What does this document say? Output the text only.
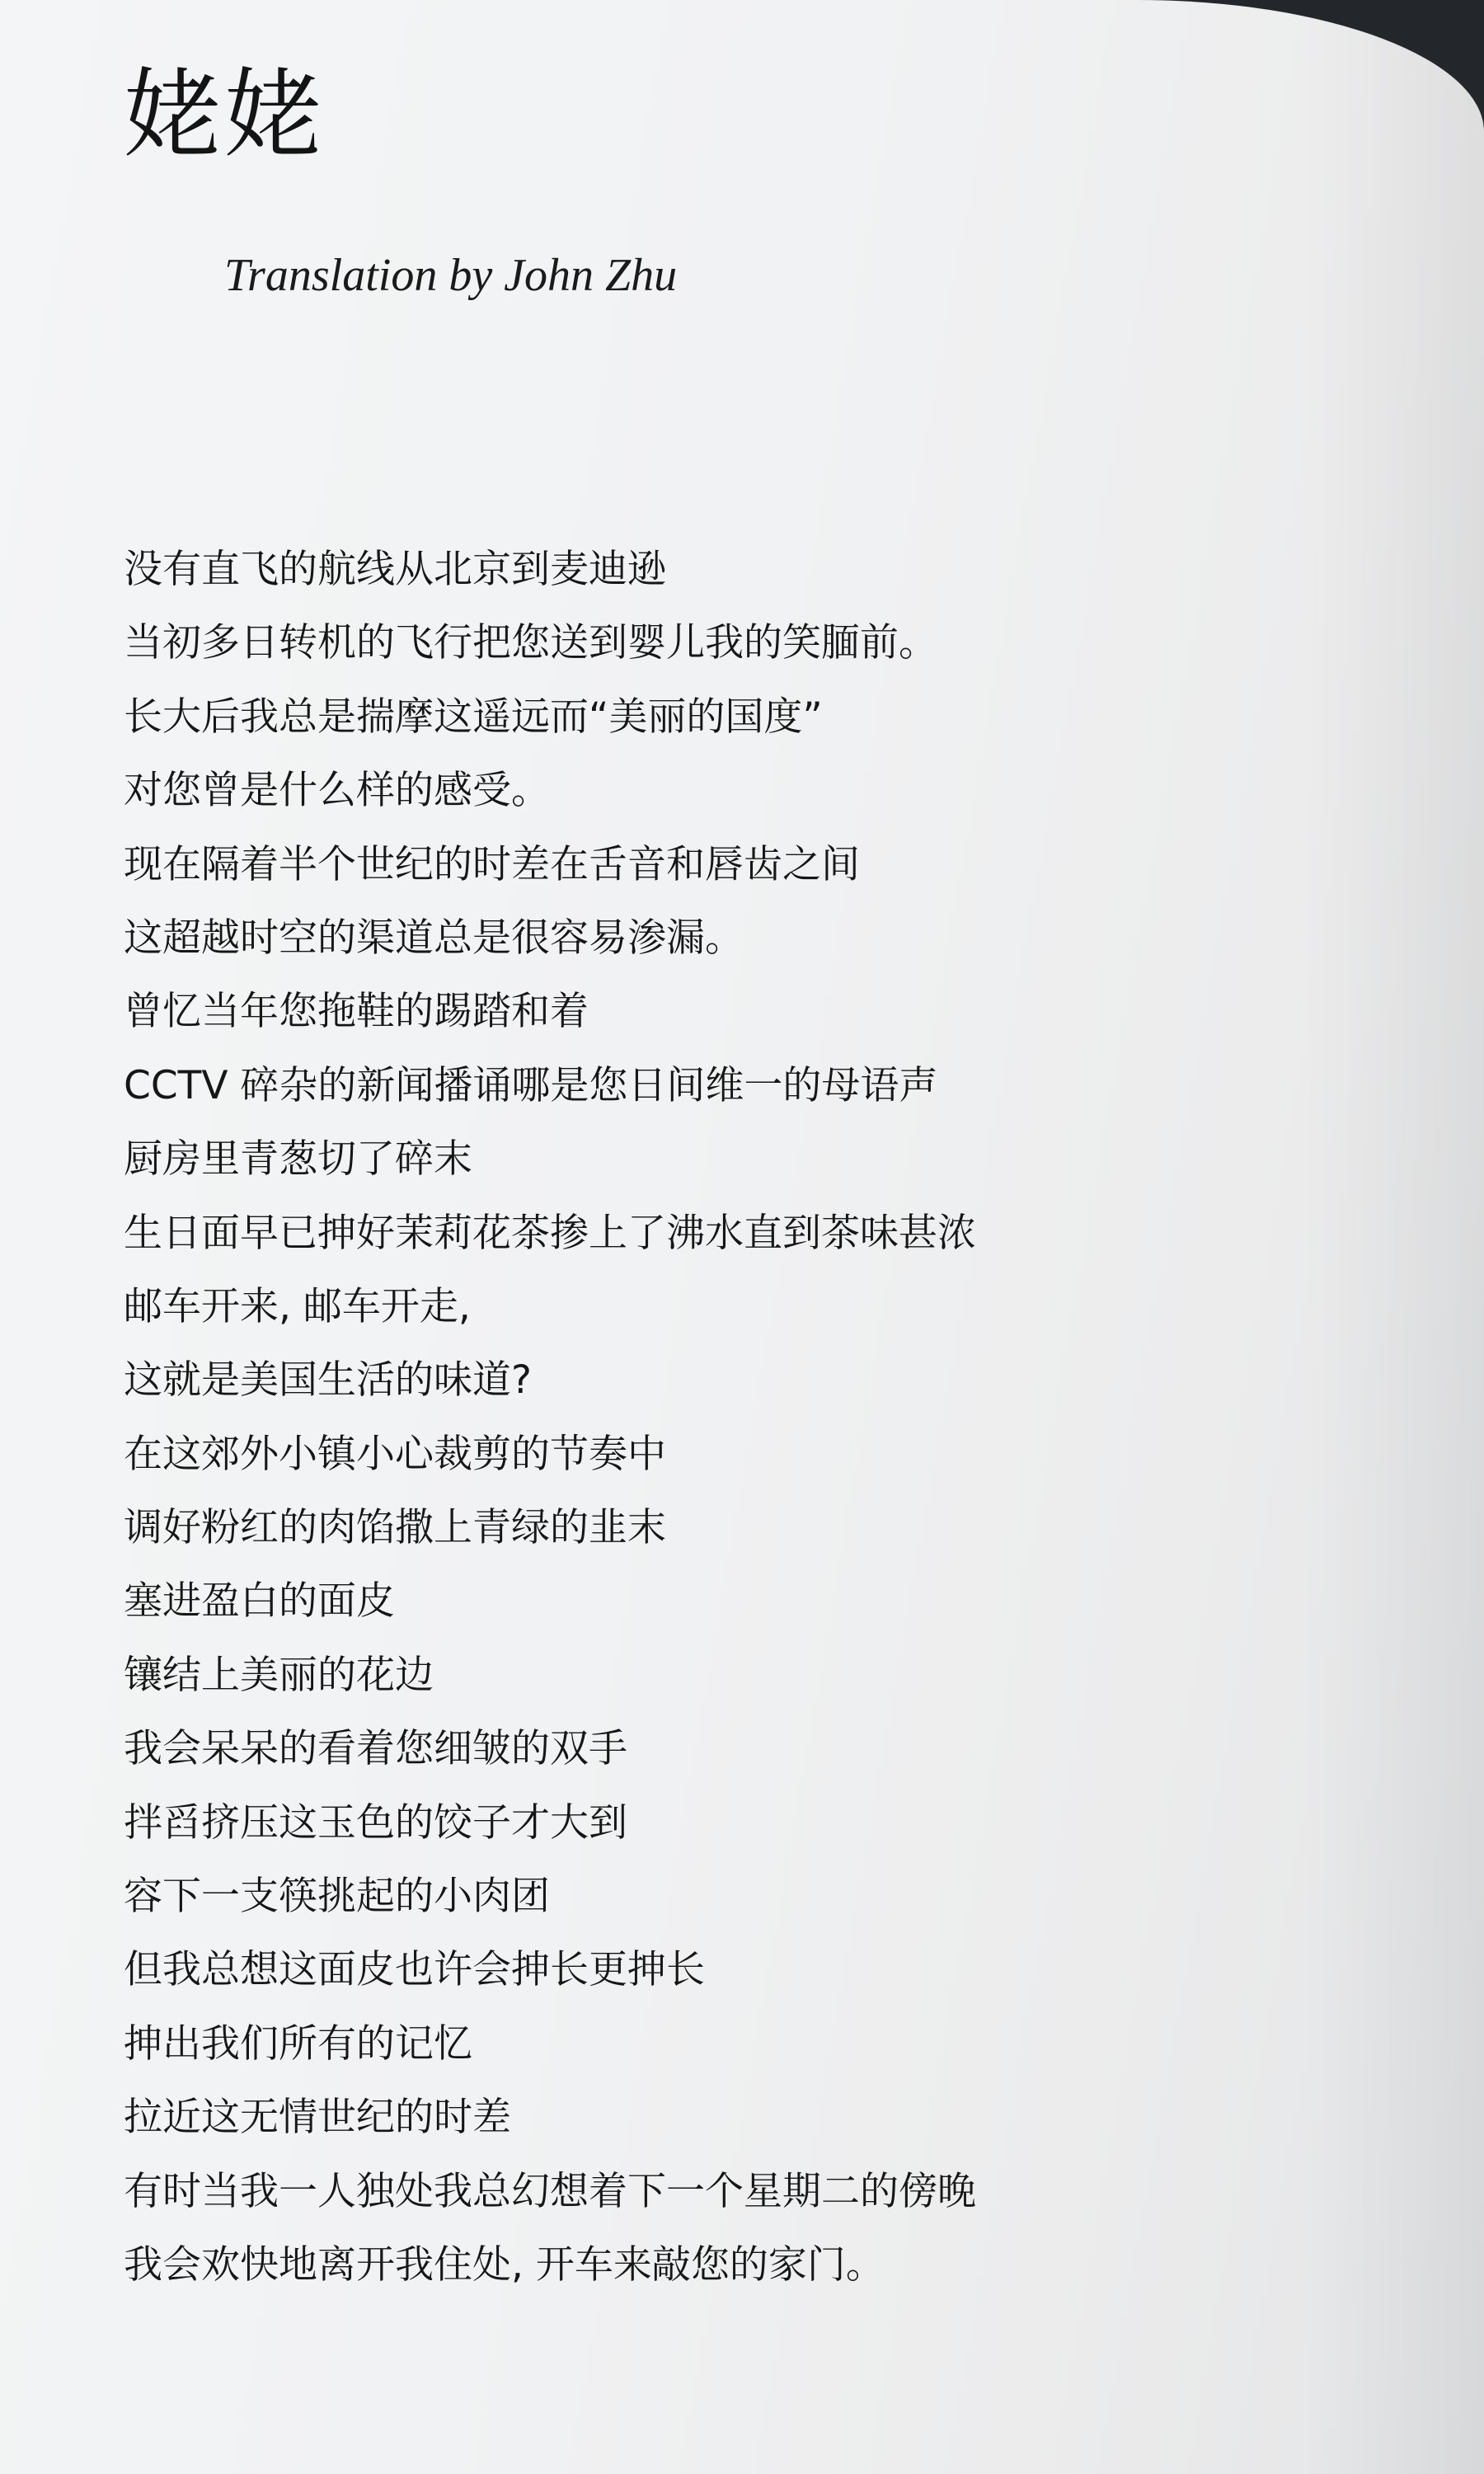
姥姥

Translation by John Zhu

没有直飞的航线从北京到麦迪逊
当初多日转机的飞行把您送到婴儿我的笑腼前。
长大后我总是揣摩这遥远而“美丽的国度”
对您曾是什么样的感受。
现在隔着半个世纪的时差在舌音和唇齿之间
这超越时空的渠道总是很容易渗漏。
曾忆当年您拖鞋的踢踏和着
CCTV 碎杂的新闻播诵哪是您日间维一的母语声
厨房里青葱切了碎末
生日面早已抻好茉莉花茶掺上了沸水直到茶味甚浓
邮车开来, 邮车开走,
这就是美国生活的味道?
在这郊外小镇小心裁剪的节奏中
调好粉红的肉馅撒上青绿的韭末
塞进盈白的面皮
镶结上美丽的花边
我会呆呆的看着您细皱的双手
拌舀挤压这玉色的饺子才大到
容下一支筷挑起的小肉团
但我总想这面皮也许会抻长更抻长
抻出我们所有的记忆
拉近这无情世纪的时差
有时当我一人独处我总幻想着下一个星期二的傍晚
我会欢快地离开我住处, 开车来敲您的家门。
